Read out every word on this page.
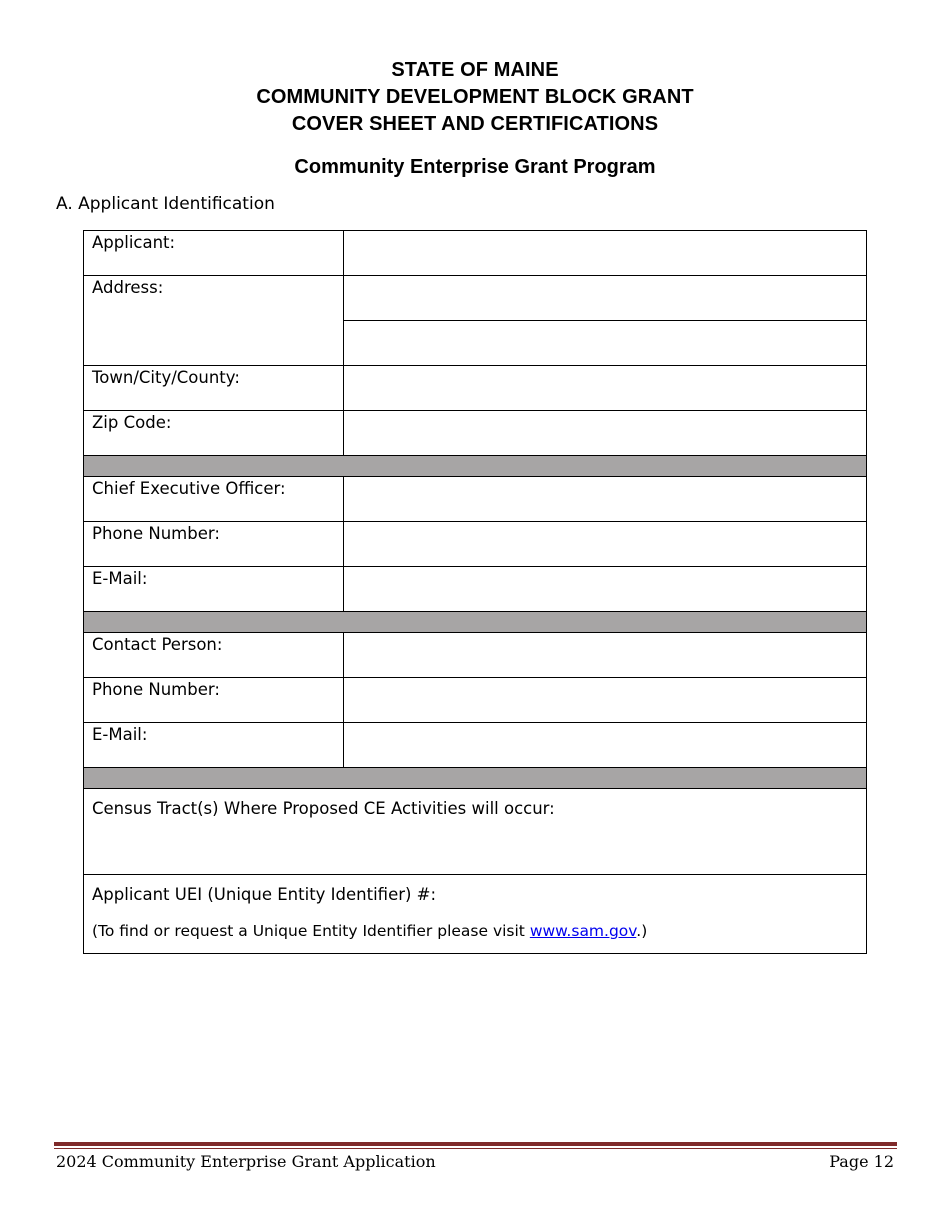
STATE OF MAINE
COMMUNITY DEVELOPMENT BLOCK GRANT
COVER SHEET AND CERTIFICATIONS
Community Enterprise Grant Program
A. Applicant Identification
Applicant:	
Address:	

Town/City/County:	
Zip Code:	

Chief Executive Officer:	
Phone Number:	
E-Mail:	

Contact Person:	
Phone Number:	
E-Mail:	

Census Tract(s) Where Proposed CE Activities will occur:	

Applicant UEI (Unique Entity Identifier) #:
(To find or request a Unique Entity Identifier please visit www.sam.gov.)	
2024 Community Enterprise Grant Application	Page 12
